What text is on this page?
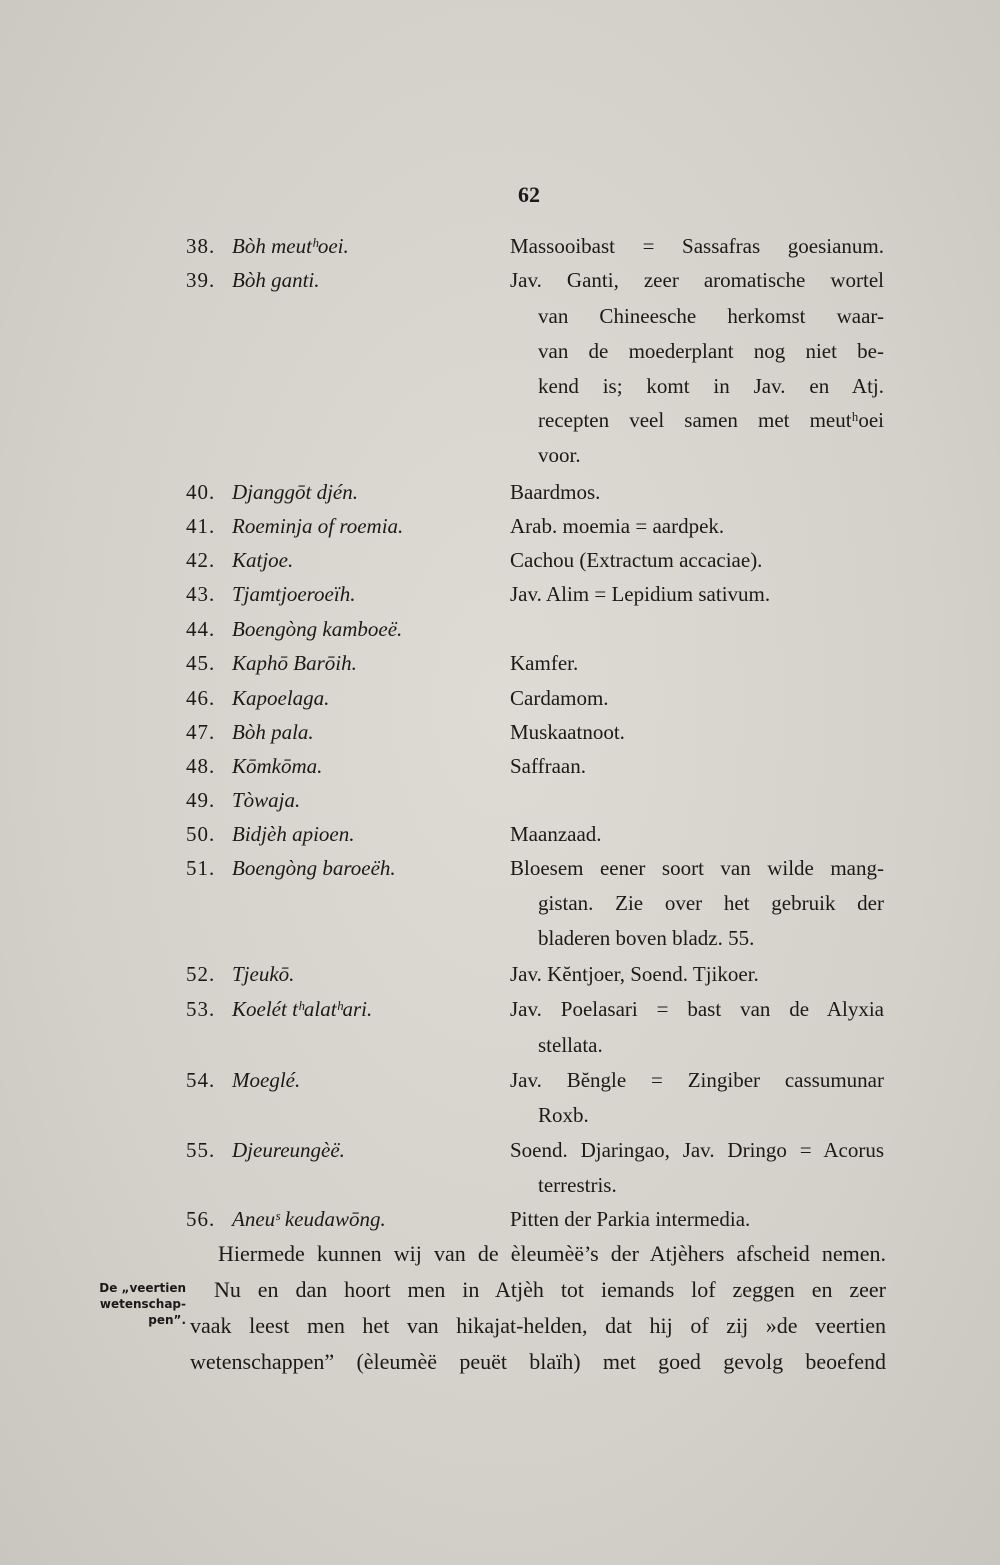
62
38. Bòh meutʰoei.	Massooibast = Sassafras goesianum.
39. Bòh ganti.	Jav. Ganti, zeer aromatische wortel
van Chineesche herkomst waar-
van de moederplant nog niet be-
kend is; komt in Jav. en Atj.
recepten veel samen met meutʰoei
voor.
40. Djanggōt djén.	Baardmos.
41. Roeminja of roemia.	Arab. moemia = aardpek.
42. Katjoe.	Cachou (Extractum accaciae).
43. Tjamtjoeroeïh.	Jav. Alim = Lepidium sativum.
44. Boengòng kamboeë.
45. Kaphō Barōih.	Kamfer.
46. Kapoelaga.	Cardamom.
47. Bòh pala.	Muskaatnoot.
48. Kōmkōma.	Saffraan.
49. Tòwaja.
50. Bidjèh apioen.	Maanzaad.
51. Boengòng baroeëh.	Bloesem eener soort van wilde mang-
gistan. Zie over het gebruik der
bladeren boven bladz. 55.
52. Tjeukō.	Jav. Kĕntjoer, Soend. Tjikoer.
53. Koelét tʰalatʰari.	Jav. Poelasari = bast van de Alyxia
stellata.
54. Moeglé.	Jav. Bĕngle = Zingiber cassumunar
Roxb.
55. Djeureungèë.	Soend. Djaringao, Jav. Dringo = Acorus
terrestris.
56. Aneuˢ keudawōng.	Pitten der Parkia intermedia.
Hiermede kunnen wij van de èleumèë’s der Atjèhers afscheid nemen.
Nu en dan hoort men in Atjèh tot iemands lof zeggen en zeer
vaak leest men het van hikajat-helden, dat hij of zij »de veertien
wetenschappen” (èleumèë peuët blaïh) met goed gevolg beoefend
De „veertien
wetenschap-
pen”.
